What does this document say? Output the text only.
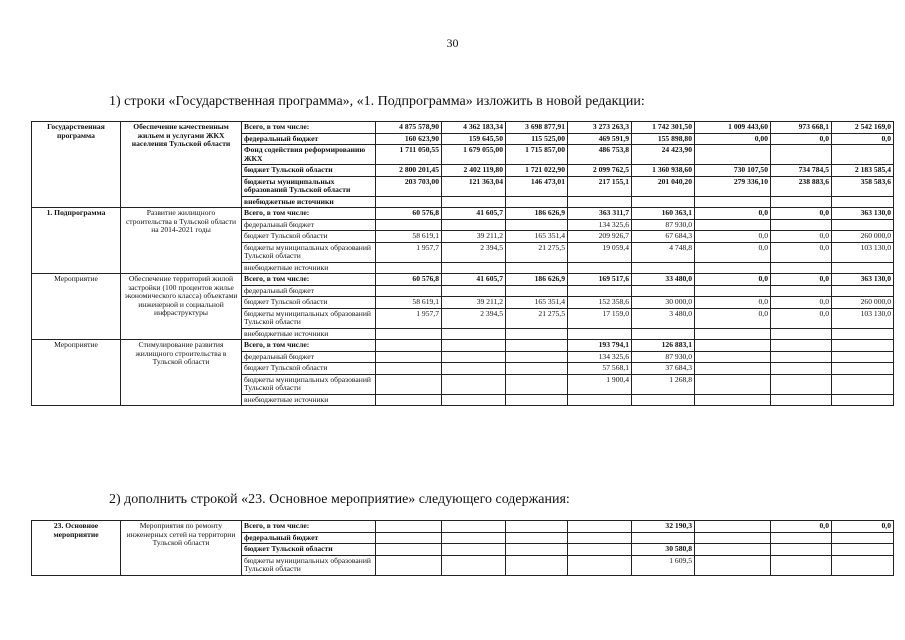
30
1) строки «Государственная программа», «1. Подпрограмма» изложить в новой редакции:
2) дополнить строкой «23. Основное мероприятие» следующего содержания:
Государственная программа	Обеспечение качественным жильем и услугами ЖКХ населения Тульской области	Всего, в том числе:	4 875 578,90	4 362 183,34	3 698 877,91	3 273 263,3	1 742 301,50	1 009 443,60	973 668,1	2 542 169,0
		федеральный бюджет	160 623,90	159 645,50	115 525,00	469 591,9	155 898,80	0,00	0,0	0,0
		Фонд содействия реформированию ЖКХ	1 711 050,55	1 679 055,00	1 715 857,00	486 753,8	24 423,90			
		бюджет Тульской области	2 800 201,45	2 402 119,80	1 721 022,90	2 099 762,5	1 360 938,60	730 107,50	734 784,5	2 183 585,4
		бюджеты муниципальных образований Тульской области	203 703,00	121 363,04	146 473,01	217 155,1	201 040,20	279 336,10	238 883,6	358 583,6
		внебюджетные источники								
1. Подпрограмма	Развитие жилищного строительства в Тульской области на 2014-2021 годы	Всего, в том числе:	60 576,8	41 605,7	186 626,9	363 311,7	160 363,1	0,0	0,0	363 130,0
		федеральный бюджет				134 325,6	87 930,0			
		бюджет Тульской области	58 619,1	39 211,2	165 351,4	209 926,7	67 684,3	0,0	0,0	260 000,0
		бюджеты муниципальных образований Тульской области	1 957,7	2 394,5	21 275,5	19 059,4	4 748,8	0,0	0,0	103 130,0
		внебюджетные источники								
Мероприятие	Обеспечение территорий жилой застройки (100 процентов жилье экономического класса) объектами инженерной и социальной инфраструктуры	Всего, в том числе:	60 576,8	41 605,7	186 626,9	169 517,6	33 480,0	0,0	0,0	363 130,0
		федеральный бюджет								
		бюджет Тульской области	58 619,1	39 211,2	165 351,4	152 358,6	30 000,0	0,0	0,0	260 000,0
		бюджеты муниципальных образований Тульской области	1 957,7	2 394,5	21 275,5	17 159,0	3 480,0	0,0	0,0	103 130,0
		внебюджетные источники								
Мероприятие	Стимулирование развития жилищного строительства в Тульской области	Всего, в том числе:				193 794,1	126 883,1			
		федеральный бюджет				134 325,6	87 930,0			
		бюджет Тульской области				57 568,1	37 684,3			
		бюджеты муниципальных образований Тульской области				1 900,4	1 268,8			
		внебюджетные источники								
23. Основное мероприятие	Мероприятия по ремонту инженерных сетей на территории Тульской области	Всего, в том числе:					32 190,3		0,0	0,0
		федеральный бюджет								
		бюджет Тульской области					30 580,8			
		бюджеты муниципальных образований Тульской области					1 609,5			
